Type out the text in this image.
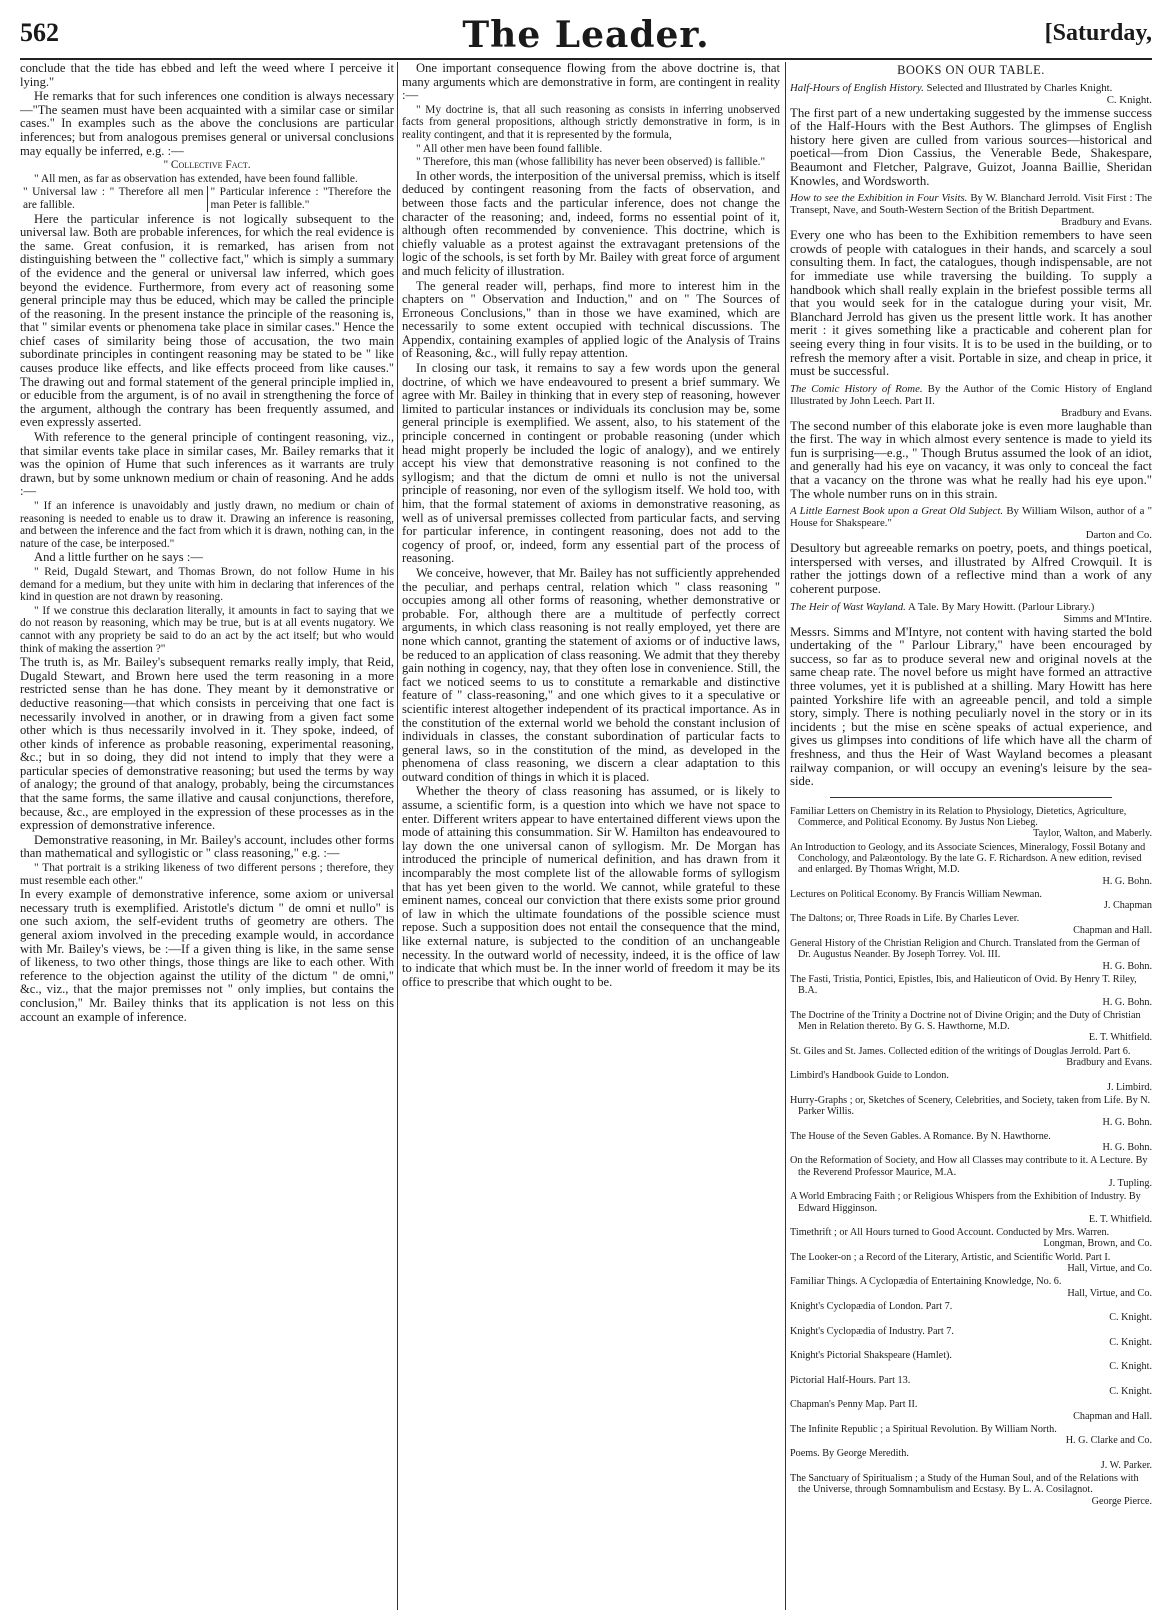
562	The Leader.	[Saturday,

conclude that the tide has ebbed and left the weed where I perceive it lying."

He remarks that for such inferences one condition is always necessary—"The seamen must have been acquainted with a similar case or similar cases." In examples such as the above the conclusions are particular inferences; but from analogous premises general or universal conclusions may equally be inferred, e.g. :—

" Collective Fact.

" All men, as far as observation has extended, have been found fallible.

" Universal law : " Therefore all men are fallible.
" Particular inference : "Therefore the man Peter is fallible."

Here the particular inference is not logically subsequent to the universal law. Both are probable inferences, for which the real evidence is the same. Great confusion, it is remarked, has arisen from not distinguishing between the " collective fact," which is simply a summary of the evidence and the general or universal law inferred, which goes beyond the evidence. Furthermore, from every act of reasoning some general principle may thus be educed, which may be called the principle of the reasoning. In the present instance the principle of the reasoning is, that " similar events or phenomena take place in similar cases." Hence the chief cases of similarity being those of accusation, the two main subordinate principles in contingent reasoning may be stated to be " like causes produce like effects, and like effects proceed from like causes." The drawing out and formal statement of the general principle implied in, or educible from the argument, is of no avail in strengthening the force of the argument, although the contrary has been frequently assumed, and even expressly asserted.

With reference to the general principle of contingent reasoning, viz., that similar events take place in similar cases, Mr. Bailey remarks that it was the opinion of Hume that such inferences as it warrants are truly drawn, but by some unknown medium or chain of reasoning. And he adds :—

" If an inference is unavoidably and justly drawn, no medium or chain of reasoning is needed to enable us to draw it. Drawing an inference is reasoning, and between the inference and the fact from which it is drawn, nothing can, in the nature of the case, be interposed."

And a little further on he says :—

" Reid, Dugald Stewart, and Thomas Brown, do not follow Hume in his demand for a medium, but they unite with him in declaring that inferences of the kind in question are not drawn by reasoning.

" If we construe this declaration literally, it amounts in fact to saying that we do not reason by reasoning, which may be true, but is at all events nugatory. We cannot with any propriety be said to do an act by the act itself; but who would think of making the assertion ?"

The truth is, as Mr. Bailey's subsequent remarks really imply, that Reid, Dugald Stewart, and Brown here used the term reasoning in a more restricted sense than he has done. They meant by it demonstrative or deductive reasoning—that which consists in perceiving that one fact is necessarily involved in another, or in drawing from a given fact some other which is thus necessarily involved in it. They spoke, indeed, of other kinds of inference as probable reasoning, experimental reasoning, &c.; but in so doing, they did not intend to imply that they were a particular species of demonstrative reasoning; but used the terms by way of analogy; the ground of that analogy, probably, being the circumstances that the same forms, the same illative and causal conjunctions, therefore, because, &c., are employed in the expression of these processes as in the expression of demonstrative inference.

Demonstrative reasoning, in Mr. Bailey's account, includes other forms than mathematical and syllogistic or " class reasoning," e.g. :—

" That portrait is a striking likeness of two different persons ; therefore, they must resemble each other."

In every example of demonstrative inference, some axiom or universal necessary truth is exemplified. Aristotle's dictum " de omni et nullo" is one such axiom, the self-evident truths of geometry are others. The general axiom involved in the preceding example would, in accordance with Mr. Bailey's views, be :—If a given thing is like, in the same sense of likeness, to two other things, those things are like to each other. With reference to the objection against the utility of the dictum " de omni," &c., viz., that the major premisses not " only implies, but contains the conclusion," Mr. Bailey thinks that its application is not less on this account an example of inference.

One important consequence flowing from the above doctrine is, that many arguments which are demonstrative in form, are contingent in reality :—

" My doctrine is, that all such reasoning as consists in inferring unobserved facts from general propositions, although strictly demonstrative in form, is in reality contingent, and that it is represented by the formula,

" All other men have been found fallible.

" Therefore, this man (whose fallibility has never been observed) is fallible."

In other words, the interposition of the universal premiss, which is itself deduced by contingent reasoning from the facts of observation, and between those facts and the particular inference, does not change the character of the reasoning; and, indeed, forms no essential point of it, although often recommended by convenience. This doctrine, which is chiefly valuable as a protest against the extravagant pretensions of the logic of the schools, is set forth by Mr. Bailey with great force of argument and much felicity of illustration.

The general reader will, perhaps, find more to interest him in the chapters on " Observation and Induction," and on " The Sources of Erroneous Conclusions," than in those we have examined, which are necessarily to some extent occupied with technical discussions. The Appendix, containing examples of applied logic of the Analysis of Trains of Reasoning, &c., will fully repay attention.

In closing our task, it remains to say a few words upon the general doctrine, of which we have endeavoured to present a brief summary. We agree with Mr. Bailey in thinking that in every step of reasoning, however limited to particular instances or individuals its conclusion may be, some general principle is exemplified. We assent, also, to his statement of the principle concerned in contingent or probable reasoning (under which head might properly be included the logic of analogy), and we entirely accept his view that demonstrative reasoning is not confined to the syllogism; and that the dictum de omni et nullo is not the universal principle of reasoning, nor even of the syllogism itself. We hold too, with him, that the formal statement of axioms in demonstrative reasoning, as well as of universal premisses collected from particular facts, and serving for particular inference, in contingent reasoning, does not add to the cogency of proof, or, indeed, form any essential part of the process of reasoning.

We conceive, however, that Mr. Bailey has not sufficiently apprehended the peculiar, and perhaps central, relation which " class reasoning " occupies among all other forms of reasoning, whether demonstrative or probable. For, although there are a multitude of perfectly correct arguments, in which class reasoning is not really employed, yet there are none which cannot, granting the statement of axioms or of inductive laws, be reduced to an application of class reasoning. We admit that they thereby gain nothing in cogency, nay, that they often lose in convenience. Still, the fact we noticed seems to us to constitute a remarkable and distinctive feature of " class-reasoning," and one which gives to it a speculative or scientific interest altogether independent of its practical importance. As in the constitution of the external world we behold the constant inclusion of individuals in classes, the constant subordination of particular facts to general laws, so in the constitution of the mind, as developed in the phenomena of class reasoning, we discern a clear adaptation to this outward condition of things in which it is placed.

Whether the theory of class reasoning has assumed, or is likely to assume, a scientific form, is a question into which we have not space to enter. Different writers appear to have entertained different views upon the mode of attaining this consummation. Sir W. Hamilton has endeavoured to lay down the one universal canon of syllogism. Mr. De Morgan has introduced the principle of numerical definition, and has drawn from it incomparably the most complete list of the allowable forms of syllogism that has yet been given to the world. We cannot, while grateful to these eminent names, conceal our conviction that there exists some prior ground of law in which the ultimate foundations of the possible science must repose. Such a supposition does not entail the consequence that the mind, like external nature, is subjected to the condition of an unchangeable necessity. In the outward world of necessity, indeed, it is the office of law to indicate that which must be. In the inner world of freedom it may be its office to prescribe that which ought to be.

BOOKS ON OUR TABLE.

Half-Hours of English History. Selected and Illustrated by Charles Knight.
C. Knight.

The first part of a new undertaking suggested by the immense success of the Half-Hours with the Best Authors. The glimpses of English history here given are culled from various sources—historical and poetical—from Dion Cassius, the Venerable Bede, Shakespare, Beaumont and Fletcher, Palgrave, Guizot, Joanna Baillie, Sheridan Knowles, and Wordsworth.

How to see the Exhibition in Four Visits. By W. Blanchard Jerrold. Visit First : The Transept, Nave, and South-Western Section of the British Department.
Bradbury and Evans.

Every one who has been to the Exhibition remembers to have seen crowds of people with catalogues in their hands, and scarcely a soul consulting them. In fact, the catalogues, though indispensable, are not for immediate use while traversing the building. To supply a handbook which shall really explain in the briefest possible terms all that you would seek for in the catalogue during your visit, Mr. Blanchard Jerrold has given us the present little work. It has another merit : it gives something like a practicable and coherent plan for seeing every thing in four visits. It is to be used in the building, or to refresh the memory after a visit. Portable in size, and cheap in price, it must be successful.

The Comic History of Rome. By the Author of the Comic History of England Illustrated by John Leech. Part II.
Bradbury and Evans.

The second number of this elaborate joke is even more laughable than the first. The way in which almost every sentence is made to yield its fun is surprising—e.g., " Though Brutus assumed the look of an idiot, and generally had his eye on vacancy, it was only to conceal the fact that a vacancy on the throne was what he really had his eye upon." The whole number runs on in this strain.

A Little Earnest Book upon a Great Old Subject. By William Wilson, author of a " House for Shakspeare."
Darton and Co.

Desultory but agreeable remarks on poetry, poets, and things poetical, interspersed with verses, and illustrated by Alfred Crowquil. It is rather the jottings down of a reflective mind than a work of any coherent purpose.

The Heir of Wast Wayland. A Tale. By Mary Howitt. (Parlour Library.)
Simms and M'Intire.

Messrs. Simms and M'Intyre, not content with having started the bold undertaking of the " Parlour Library," have been encouraged by success, so far as to produce several new and original novels at the same cheap rate. The novel before us might have formed an attractive three volumes, yet it is published at a shilling. Mary Howitt has here painted Yorkshire life with an agreeable pencil, and told a simple story, simply. There is nothing peculiarly novel in the story or in its incidents ; but the mise en scène speaks of actual experience, and gives us glimpses into conditions of life which have all the charm of freshness, and thus the Heir of Wast Wayland becomes a pleasant railway companion, or will occupy an evening's leisure by the sea-side.

Familiar Letters on Chemistry in its Relation to Physiology, Dietetics, Agriculture, Commerce, and Political Economy. By Justus Non Liebeg.
Taylor, Walton, and Maberly.
An Introduction to Geology, and its Associate Sciences, Mineralogy, Fossil Botany and Conchology, and Palæontology. By the late G. F. Richardson. A new edition, revised and enlarged. By Thomas Wright, M.D.
H. G. Bohn.
Lectures on Political Economy. By Francis William Newman.
J. Chapman
The Daltons; or, Three Roads in Life. By Charles Lever.
Chapman and Hall.
General History of the Christian Religion and Church. Translated from the German of Dr. Augustus Neander. By Joseph Torrey. Vol. III.
H. G. Bohn.
The Fasti, Tristia, Pontici, Epistles, Ibis, and Halieuticon of Ovid. By Henry T. Riley, B.A.
H. G. Bohn.
The Doctrine of the Trinity a Doctrine not of Divine Origin; and the Duty of Christian Men in Relation thereto. By G. S. Hawthorne, M.D.
E. T. Whitfield.
St. Giles and St. James. Collected edition of the writings of Douglas Jerrold. Part 6.
Bradbury and Evans.
Limbird's Handbook Guide to London.
J. Limbird.
Hurry-Graphs ; or, Sketches of Scenery, Celebrities, and Society, taken from Life. By N. Parker Willis.
H. G. Bohn.
The House of the Seven Gables. A Romance. By N. Hawthorne.
H. G. Bohn.
On the Reformation of Society, and How all Classes may contribute to it. A Lecture. By the Reverend Professor Maurice, M.A.
J. Tupling.
A World Embracing Faith ; or Religious Whispers from the Exhibition of Industry. By Edward Higginson.
E. T. Whitfield.
Timethrift ; or All Hours turned to Good Account. Conducted by Mrs. Warren.
Longman, Brown, and Co.
The Looker-on ; a Record of the Literary, Artistic, and Scientific World. Part I.
Hall, Virtue, and Co.
Familiar Things. A Cyclopædia of Entertaining Knowledge, No. 6.
Hall, Virtue, and Co.
Knight's Cyclopædia of London. Part 7.
C. Knight.
Knight's Cyclopædia of Industry. Part 7.
C. Knight.
Knight's Pictorial Shakspeare (Hamlet).
C. Knight.
Pictorial Half-Hours. Part 13.
C. Knight.
Chapman's Penny Map. Part II.
Chapman and Hall.
The Infinite Republic ; a Spiritual Revolution. By William North.
H. G. Clarke and Co.
Poems. By George Meredith.
J. W. Parker.
The Sanctuary of Spiritualism ; a Study of the Human Soul, and of the Relations with the Universe, through Somnambulism and Ecstasy. By L. A. Cosilagnot.
George Pierce.
